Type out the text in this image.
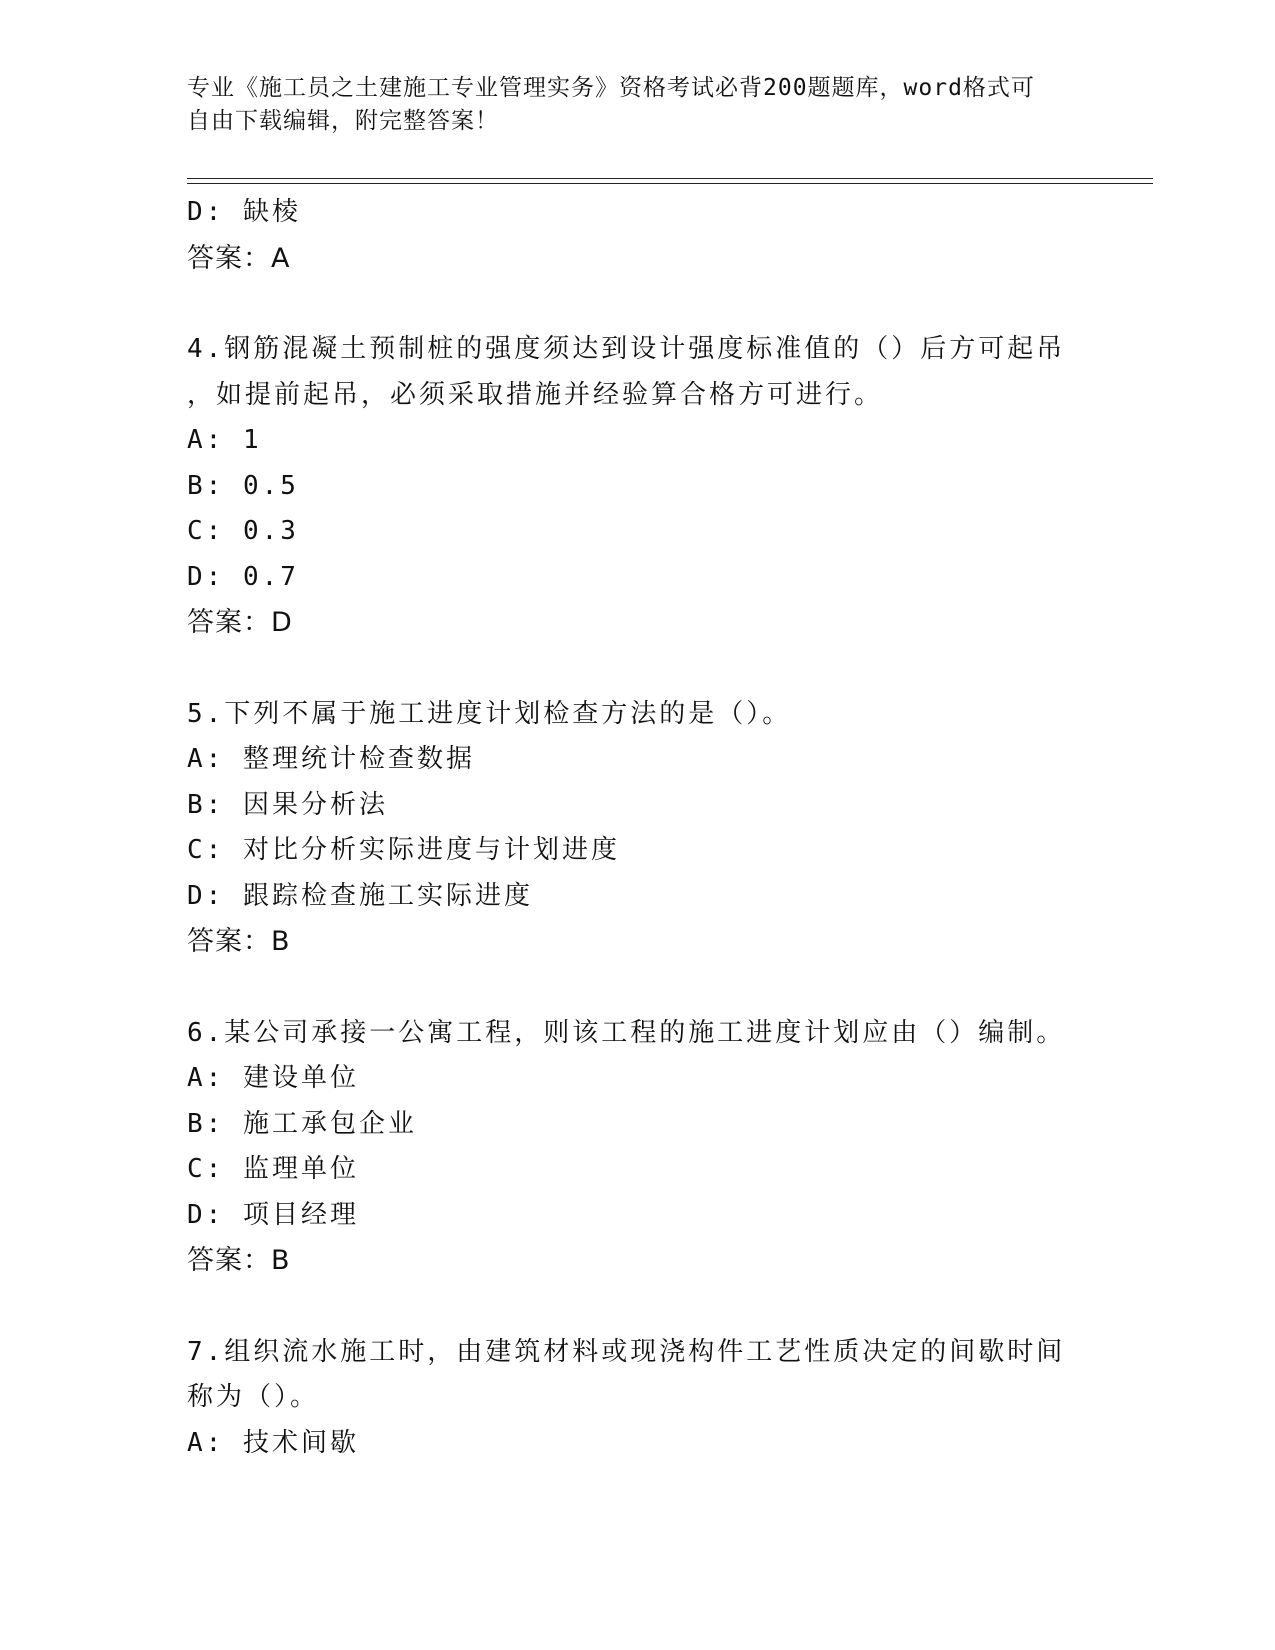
专业《施工员之土建施工专业管理实务》资格考试必背200题题库，word格式可
自由下载编辑，附完整答案！
D: 缺棱
答案：A
4.钢筋混凝土预制桩的强度须达到设计强度标准值的（）后方可起吊
，如提前起吊，必须采取措施并经验算合格方可进行。
A: 1
B: 0.5
C: 0.3
D: 0.7
答案：D
5.下列不属于施工进度计划检查方法的是（）。
A: 整理统计检查数据
B: 因果分析法
C: 对比分析实际进度与计划进度
D: 跟踪检查施工实际进度
答案：B
6.某公司承接一公寓工程，则该工程的施工进度计划应由（）编制。
A: 建设单位
B: 施工承包企业
C: 监理单位
D: 项目经理
答案：B
7.组织流水施工时，由建筑材料或现浇构件工艺性质决定的间歇时间
称为（）。
A: 技术间歇
